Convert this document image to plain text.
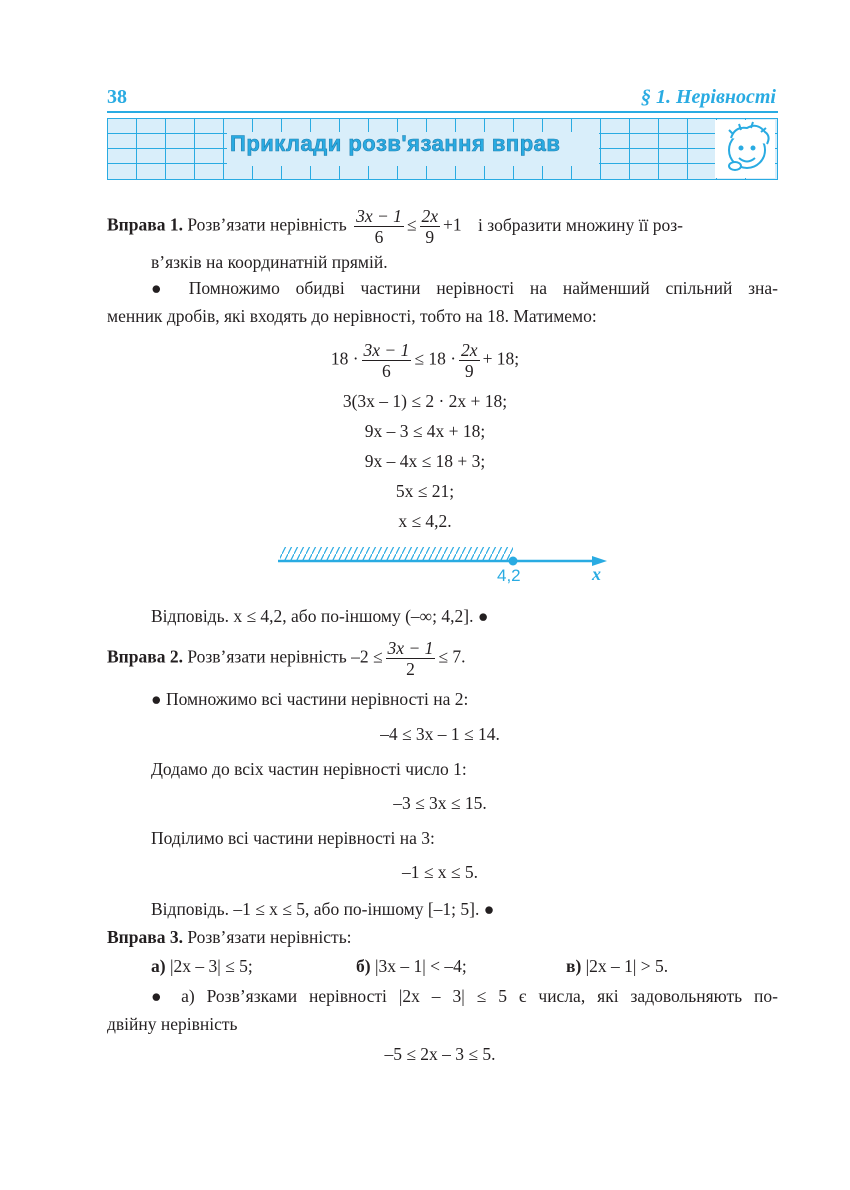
38	§ 1. Нерівності
Приклади розв'язання вправ
Вправа 1. Розв’язати нерівність $\frac{3x - 1}{6} \le \frac{2x}{9} +1$ і зобразити множину її роз-
в’язків на координатній прямій.
● Помножимо обидві частини нерівності на найменший спільний зна-
менник дробів, які входять до нерівності, тобто на 18. Матимемо:
$18 \cdot \frac{3x - 1}{6} \le 18 \cdot \frac{2x}{9} + 18$;
3(3x – 1) ≤ 2 · 2x + 18;
9x – 3 ≤ 4x + 18;
9x – 4x ≤ 18 + 3;
5x ≤ 21;
x ≤ 4,2.
4,2	x
Відповідь. x ≤ 4,2, або по-іншому (–∞; 4,2]. ●
Вправа 2. Розв’язати нерівність $-2 \le \frac{3x - 1}{2} \le 7$.
● Помножимо всі частини нерівності на 2:
–4 ≤ 3x – 1 ≤ 14.
Додамо до всіх частин нерівності число 1:
–3 ≤ 3x ≤ 15.
Поділимо всі частини нерівності на 3:
–1 ≤ x ≤ 5.
Відповідь. –1 ≤ x ≤ 5, або по-іншому [–1; 5]. ●
Вправа 3. Розв’язати нерівність:
а) |2x – 3| ≤ 5;	б) |3x – 1| < –4;	в) |2x – 1| > 5.
● а) Розв’язками нерівності |2x – 3| ≤ 5 є числа, які задовольняють по-
двійну нерівність
–5 ≤ 2x – 3 ≤ 5.
